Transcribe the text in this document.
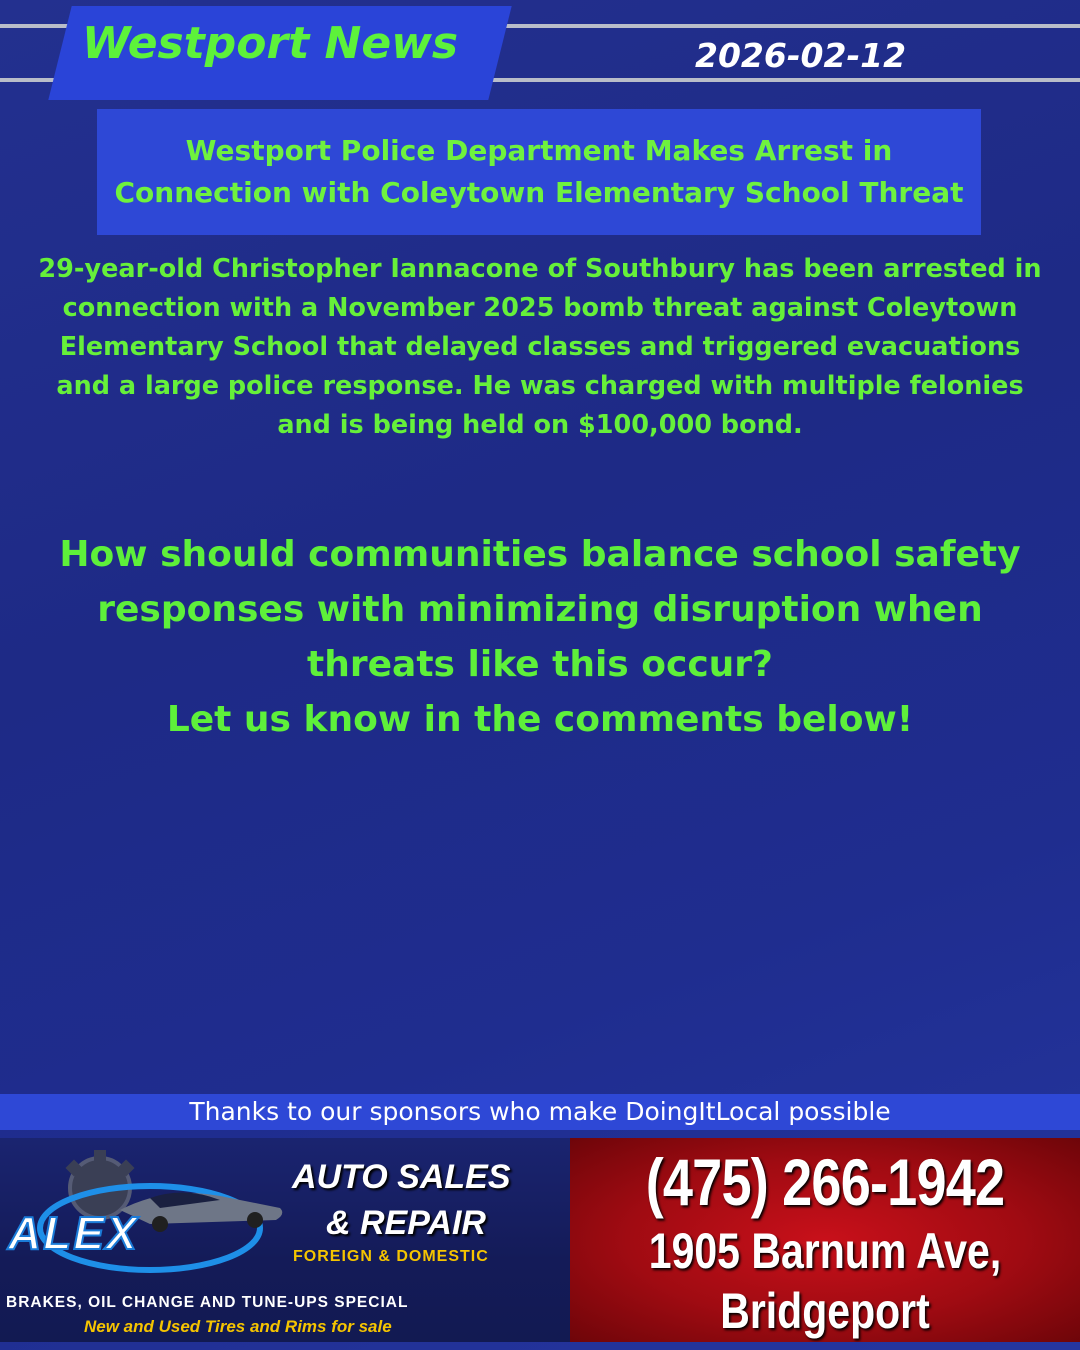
Westport News	2026-02-12
Westport Police Department Makes Arrest in
Connection with Coleytown Elementary School Threat
29-year-old Christopher Iannacone of Southbury has been arrested in connection with a November 2025 bomb threat against Coleytown Elementary School that delayed classes and triggered evacuations and a large police response. He was charged with multiple felonies and is being held on $100,000 bond.
How should communities balance school safety responses with minimizing disruption when threats like this occur?
Let us know in the comments below!
Thanks to our sponsors who make DoingItLocal possible
ALEX
AUTO SALES
& REPAIR
FOREIGN & DOMESTIC
BRAKES, OIL CHANGE AND TUNE-UPS SPECIAL
New and Used Tires and Rims for sale
(475) 266-1942
1905 Barnum Ave,
Bridgeport
